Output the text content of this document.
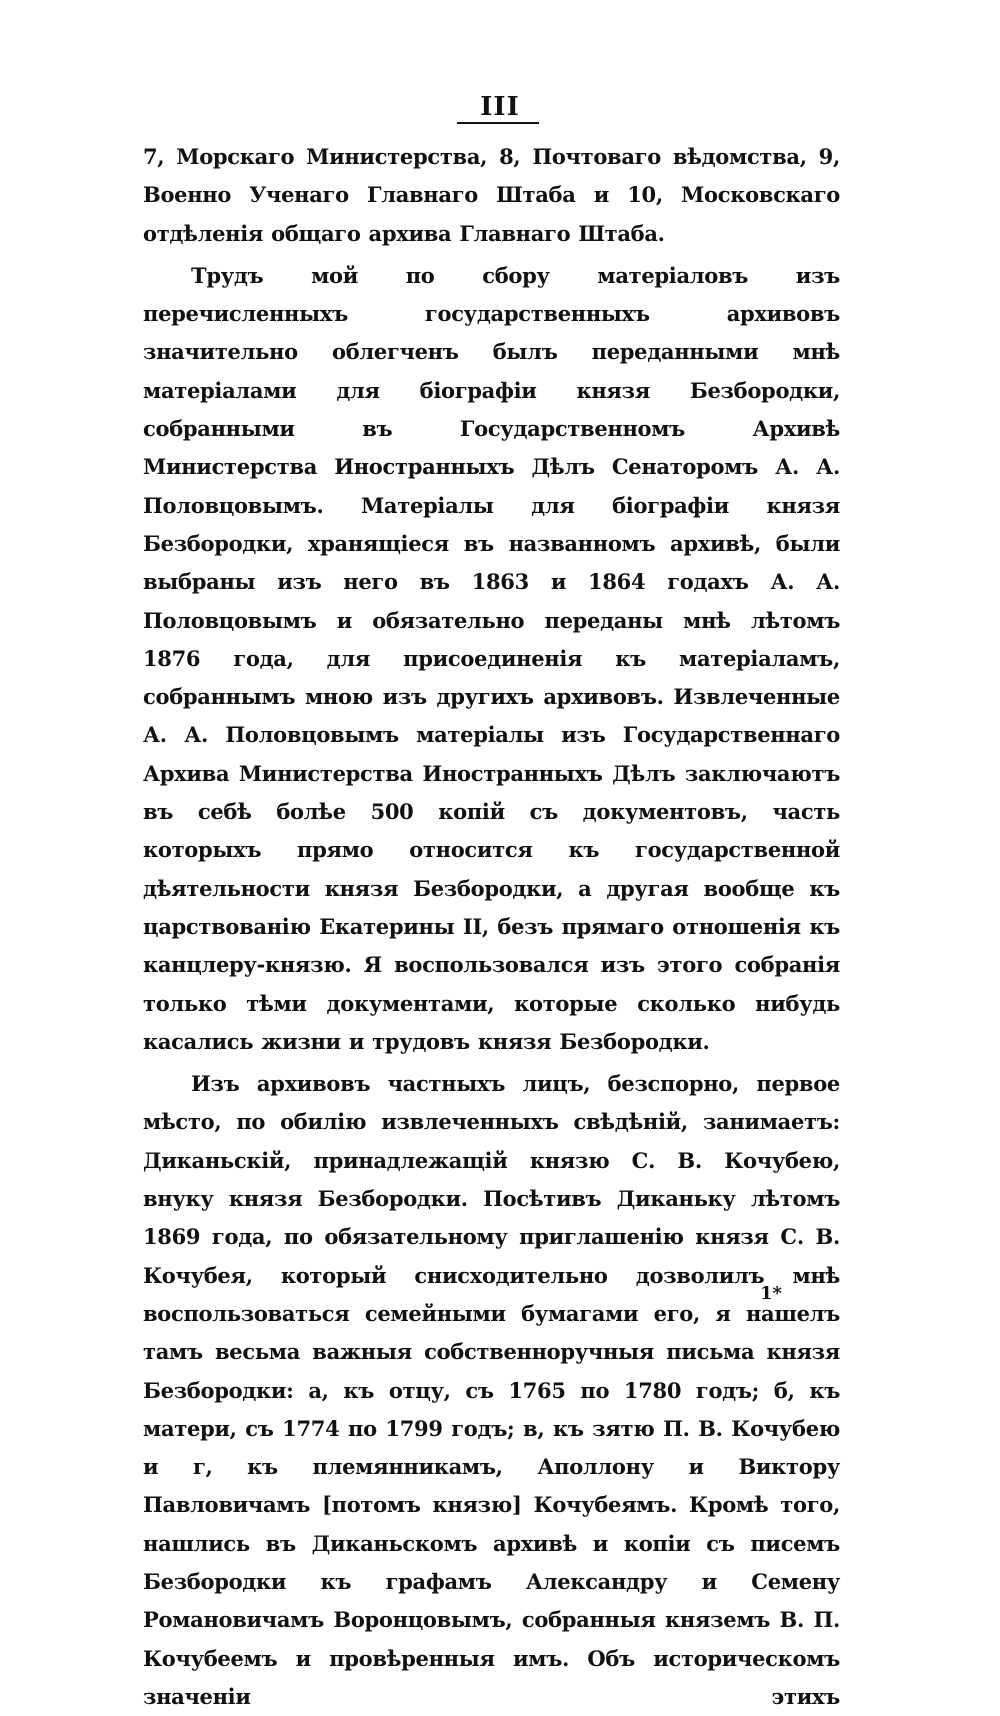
III

7, Морскаго Министерства, 8, Почтоваго вѣдомства, 9, Военно Ученаго Главнаго Штаба и 10, Московскаго отдѣленія общаго архива Главнаго Штаба.

Трудъ мой по сбору матеріаловъ изъ перечисленныхъ государственныхъ архивовъ значительно облегченъ былъ переданными мнѣ матеріалами для біографіи князя Безбородки, собранными въ Государственномъ Архивѣ Министерства Иностранныхъ Дѣлъ Сенаторомъ А. А. Половцовымъ. Матеріалы для біографіи князя Безбородки, хранящіеся въ названномъ архивѣ, были выбраны изъ него въ 1863 и 1864 годахъ А. А. Половцовымъ и обязательно переданы мнѣ лѣтомъ 1876 года, для присоединенія къ матеріаламъ, собраннымъ мною изъ другихъ архивовъ. Извлеченные А. А. Половцовымъ матеріалы изъ Государственнаго Архива Министерства Иностранныхъ Дѣлъ заключаютъ въ себѣ болѣе 500 копій съ документовъ, часть которыхъ прямо относится къ государственной дѣятельности князя Безбородки, а другая вообще къ царствованію Екатерины II, безъ прямаго отношенія къ канцлеру-князю. Я воспользовался изъ этого собранія только тѣми документами, которые сколько нибудь касались жизни и трудовъ князя Безбородки.

Изъ архивовъ частныхъ лицъ, безспорно, первое мѣсто, по обилію извлеченныхъ свѣдѣній, занимаетъ: Диканьскій, принадлежащій князю С. В. Кочубею, внуку князя Безбородки. Посѣтивъ Диканьку лѣтомъ 1869 года, по обязательному приглашенію князя С. В. Кочубея, который снисходительно дозволилъ мнѣ воспользоваться семейными бумагами его, я нашелъ тамъ весьма важныя собственноручныя письма князя Безбородки: а, къ отцу, съ 1765 по 1780 годъ; б, къ матери, съ 1774 по 1799 годъ; в, къ зятю П. В. Кочубею и г, къ племянникамъ, Аполлону и Виктору Павловичамъ [потомъ князю] Кочубеямъ. Кромѣ того, нашлись въ Диканьскомъ архивѣ и копіи съ писемъ Безбородки къ графамъ Александру и Семену Романовичамъ Воронцовымъ, собранныя княземъ В. П. Кочубеемъ и провѣренныя имъ. Объ историческомъ значеніи этихъ

1*
